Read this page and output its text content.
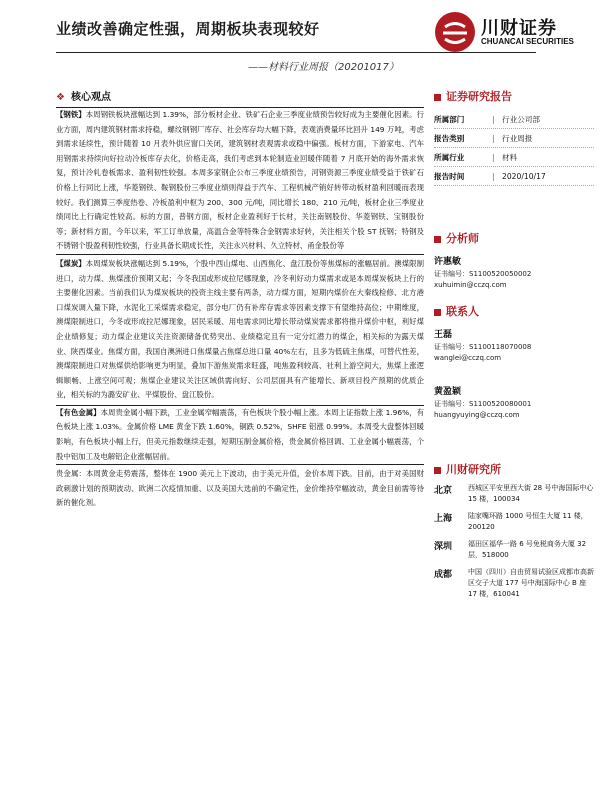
业绩改善确定性强，周期板块表现较好
——材料行业周报（20201017）
川财证券
CHUANCAI SECURITIES
❖ 核心观点

【钢铁】本周钢铁板块涨幅达到 1.39%，部分板材企业、铁矿石企业三季度业绩预告较好成为主要催化因素。行业方面，周内建筑钢材需求持稳，螺纹钢钢厂库存、社会库存均大幅下降，表观消费量环比回升 149 万吨，考虑到需求延续性，预计随着 10 月表外供应窗口关闭，建筑钢材表观需求或稳中偏强。板材方面，下游家电、汽车用钢需求持续向好拉动冷板库存去化，价格走高，我们考虑到本轮制造业回暖伴随着 7 月底开始的海外需求恢复，预计冷轧卷板需求、盈利韧性较强。本周多家钢企公布三季度业绩预告，河钢资源三季度业绩受益于铁矿石价格上行同比上涨，华菱钢铁、鞍钢股份三季度业绩则得益于汽车、工程机械产销好转带动板材盈利回暖而表现较好。我们测算三季度热卷、冷板盈利中枢为 200、300 元/吨，同比增长 180、210 元/吨，板材企业三季度业绩同比上行确定性较高。标的方面，普钢方面，板材企业盈利好于长材，关注南钢股份、华菱钢铁、宝钢股份等；新材料方面，今年以来，军工订单放量，高温合金等特殊合金钢需求好转，关注相关个股 ST 抚钢；特钢及不锈钢个股盈利韧性较强，行业具备长期成长性，关注永兴材料、久立特材、甬金股份等

【煤炭】本周煤炭板块涨幅达到 5.19%，个股中西山煤电、山西焦化、盘江股份等焦煤标的涨幅居前。澳煤限制进口，动力煤、焦煤涨价预期又起；今冬我国或形成拉尼娜现象，冷冬利好动力煤需求或是本周煤炭板块上行的主要催化因素。当前我们认为煤炭板块的投资主线主要有两条，动力煤方面，短期内煤价在大秦线检修、北方港口煤炭调入量下降，水泥化工采煤需求稳定，部分电厂仍有补库存需求等因素支撑下有望维持高位；中期维度，澳煤限制进口，今冬或形成拉尼娜现象，居民采暖、用电需求同比增长带动煤炭需求都将推升煤价中枢，利好煤企业绩修复；动力煤企业建议关注资源储备优势突出、业绩稳定且有一定分红潜力的煤企，相关标的为露天煤业、陕西煤业。焦煤方面，我国自澳洲进口焦煤量占焦煤总进口量 40%左右，且多为低硫主焦煤，可替代性差，澳煤限制进口对焦煤供给影响更为明显，叠加下游焦炭需求旺盛，吨焦盈利较高、社利上游空间大，焦煤上涨逻辑顺畅、上涨空间可观；焦煤企业建议关注区域供需向好、公司层面具有产能增长、新项目投产预期的优质企业，相关标的为潞安矿业、平煤股份、盘江股份。

【有色金属】本周贵金属小幅下跌，工业金属窄幅震荡，有色板块个股小幅上涨。本周上证指数上涨 1.96%，有色板块上涨 1.03%。金属价格 LME 黄金下跌 1.60%，铜跌 0.52%，SHFE 铝涨 0.99%。本周受大盘整体回暖影响，有色板块小幅上行，但美元指数继续走强，短期压制金属价格，贵金属价格回调、工业金属小幅震荡，个股中铝加工及电解铝企业涨幅居前。

贵金属：本周黄金走势震荡，整体在 1900 美元上下波动，由于美元升值，金价本周下跌。目前，由于对美国财政刺激计划的预期波动、欧洲二次疫情加重、以及美国大选前的不确定性，金价维持窄幅波动，黄金目前需等待新的催化剂。

证券研究报告
所属部门	| 行业公司部
报告类别	| 行业周报
所属行业	| 材料
报告时间	| 2020/10/17
分析师
许惠敏
证书编号：S1100520050002
xuhuimin@cczq.com
联系人
王磊
证书编号：S1100118070008
wanglei@cczq.com
黄盈颖
证书编号：S1100520080001
huangyuying@cczq.com
川财研究所
北京	西城区平安里西大街 28 号中海国际中心 15 楼，100034
上海	陆家嘴环路 1000 号恒生大厦 11 楼，200120
深圳	福田区福华一路 6 号免税商务大厦 32 层，518000
成都	中国（四川）自由贸易试验区成都市高新区交子大道 177 号中海国际中心 B 座 17 楼，610041
